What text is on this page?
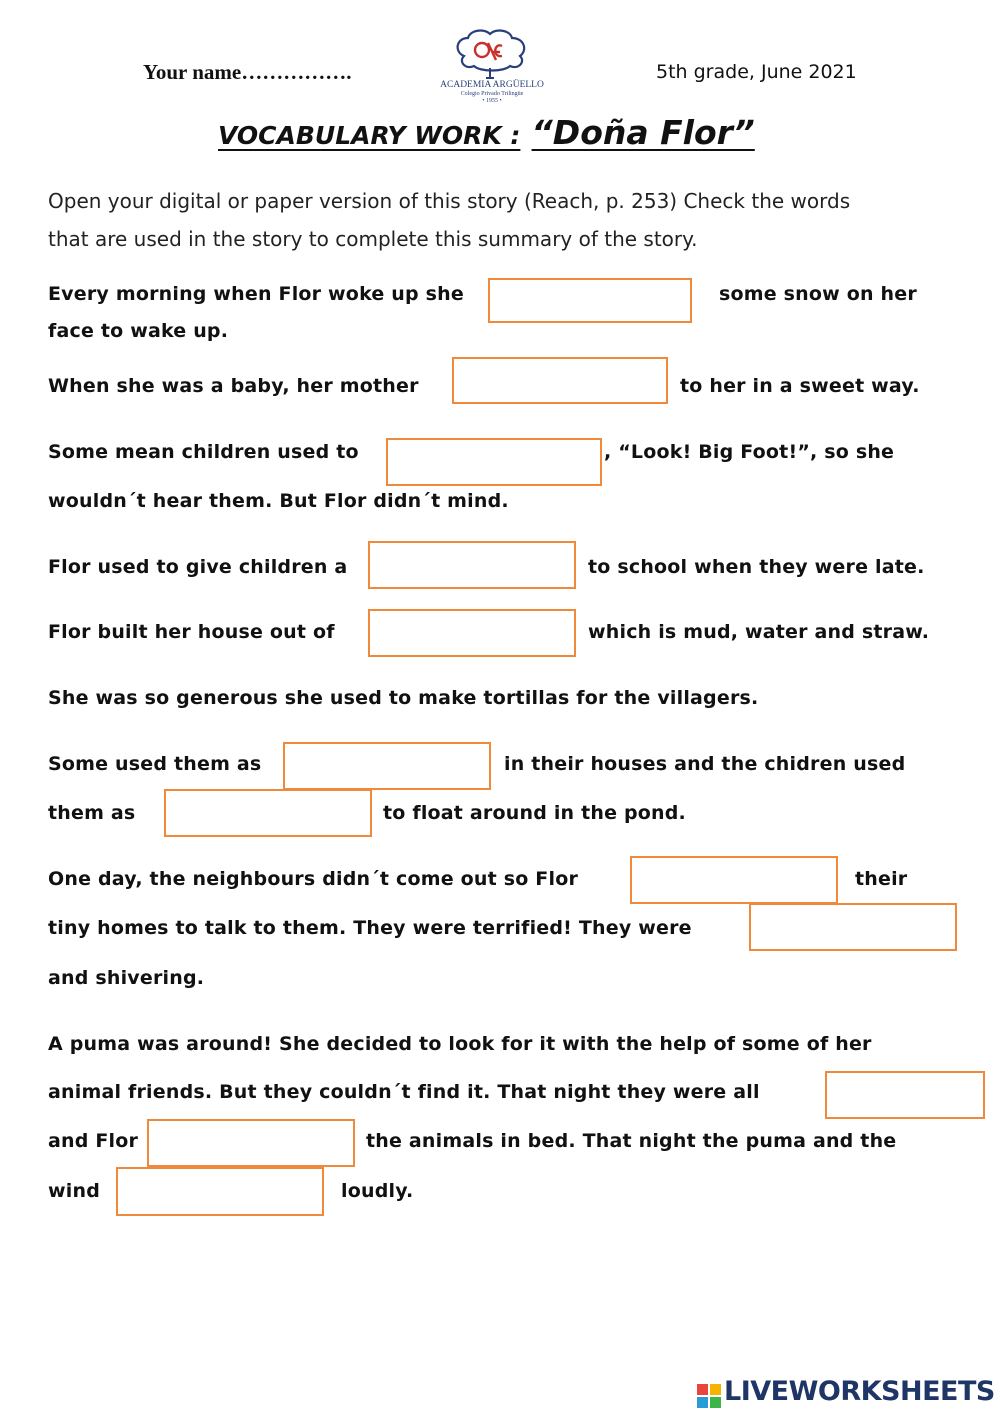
Your name…………….
ACADEMIA ARGÜELLO
Colegio Privado Trilingüe
• 1955 •
5th grade, June 2021
VOCABULARY WORK : “Doña Flor”
Open your digital or paper version of this story (Reach, p. 253) Check the words
that are used in the story to complete this summary of the story.
Every morning when Flor woke up she	some snow on her
face to wake up.
When she was a baby, her mother	to her in a sweet way.
Some mean children used to	, “Look! Big Foot!”, so she
wouldn´t hear them. But Flor didn´t mind.
Flor used to give children a	to school when they were late.
Flor built her house out of	which is mud, water and straw.
She was so generous she used to make tortillas for the villagers.
Some used them as	in their houses and the chidren used
them as	to float around in the pond.
One day, the neighbours didn´t come out so Flor	their
tiny homes to talk to them. They were terrified! They were
and shivering.
A puma was around! She decided to look for it with the help of some of her
animal friends. But they couldn´t find it. That night they were all
and Flor	the animals in bed. That night the puma and the
wind	loudly.
LIVEWORKSHEETS
